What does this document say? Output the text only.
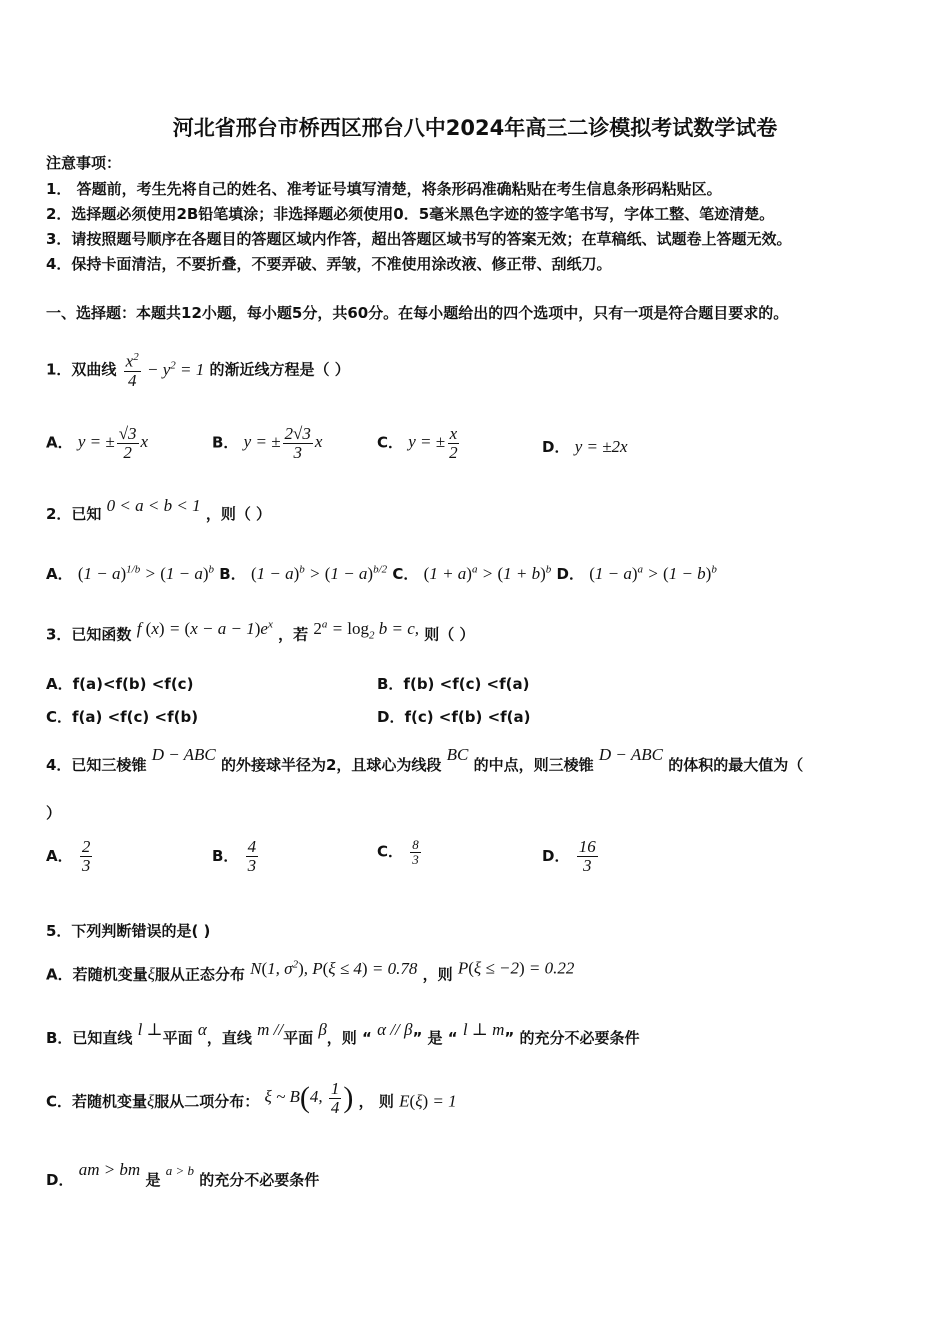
河北省邢台市桥西区邢台八中2024年高三二诊模拟考试数学试卷
注意事项：
1． 答题前，考生先将自己的姓名、准考证号填写清楚，将条形码准确粘贴在考生信息条形码粘贴区。
2．选择题必须使用2B铅笔填涂；非选择题必须使用0．5毫米黑色字迹的签字笔书写，字体工整、笔迹清楚。
3．请按照题号顺序在各题目的答题区域内作答，超出答题区域书写的答案无效；在草稿纸、试题卷上答题无效。
4．保持卡面清洁，不要折叠，不要弄破、弄皱，不准使用涂改液、修正带、刮纸刀。
一、选择题：本题共12小题，每小题5分，共60分。在每小题给出的四个选项中，只有一项是符合题目要求的。
1．双曲线 $\frac{x^2}{4} - y^2 = 1$ 的渐近线方程是（ ）
A． y = ± $\frac{√3}{2}$ x	B． y = ± $\frac{2√3}{3}$ x	C． y = ± $\frac{x}{2}$	D． y = ±2x
2．已知 0 < a < b < 1 ，则（ ）
A． $(1 - a)^{1/b} > (1 - a)^b$ B． $(1 - a)^b > (1 - a)^{b/2}$ C． $(1 + a)^a > (1 + b)^b$ D． $(1 - a)^a > (1 - b)^b$
3．已知函数 f $(x) = (x - a - 1)e^x$ ，若 $2^a = \log_2 b = c$, 则（ ）
A．f(a)<f(b) <f(c)	B．f(b) <f(c) <f(a)
C．f(a) <f(c) <f(b)	D．f(c) <f(b) <f(a)
4．已知三棱锥 D − ABC 的外接球半径为2，且球心为线段 BC 的中点，则三棱锥 D − ABC 的体积的最大值为（
）
A． $\frac{2}{3}$	B． $\frac{4}{3}$	C． $\frac{8}{3}$	D． $\frac{16}{3}$
5．下列判断错误的是( )
A．若随机变量ξ服从正态分布 N(1, $\sigma^2$), P(ξ ≤ 4) = 0.78 ，则 P(ξ ≤ −2) = 0.22
B．已知直线 l ⊥平面 α，直线 m //平面 β，则 “ α // β” 是 “ l ⊥ m” 的充分不必要条件
C．若随机变量ξ服从二项分布： ξ ~ B(4, $\frac{1}{4}$ ) ， 则 E(ξ) = 1
D． am > bm 是 a > b 的充分不必要条件
